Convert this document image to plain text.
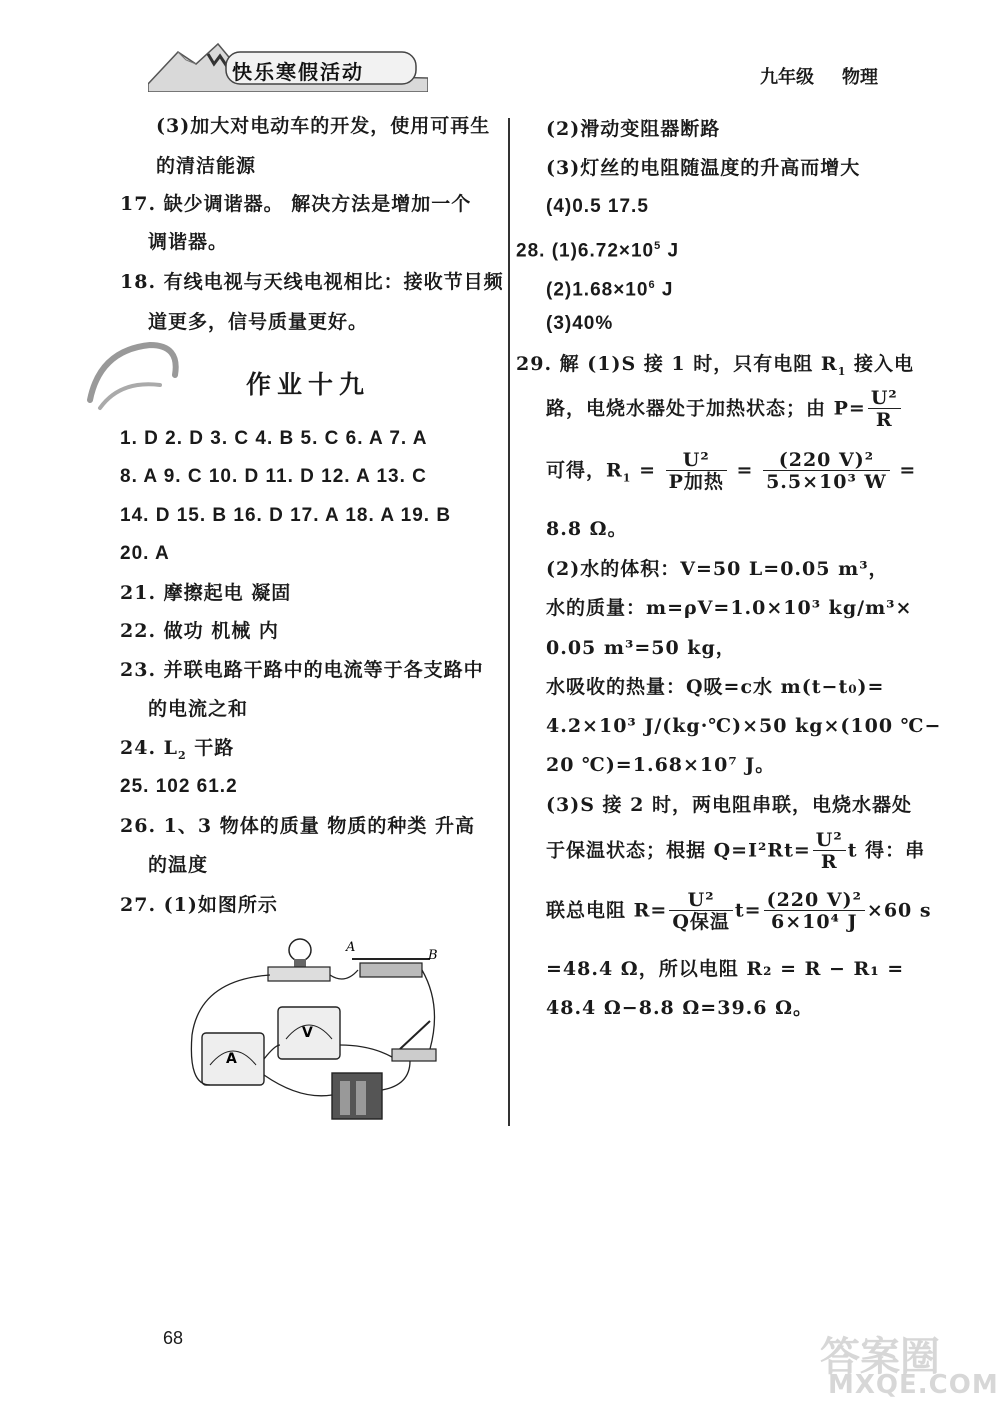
快乐寒假活动	九年级 物理
(3)加大对电动车的开发，使用可再生
的清洁能源
17. 缺少调谐器。 解决方法是增加一个
调谐器。
18. 有线电视与天线电视相比：接收节目频
道更多，信号质量更好。
作业十九
1. D 2. D 3. C 4. B 5. C 6. A 7. A
8. A 9. C 10. D 11. D 12. A 13. C
14. D 15. B 16. D 17. A 18. A 19. B
20. A
21. 摩擦起电 凝固
22. 做功 机械 内
23. 并联电路干路中的电流等于各支路中
的电流之和
24. $L_2$ 干路
25. 102 61.2
26. 1、3 物体的质量 物质的种类 升高
的温度
27. (1)如图所示
A
B
A
V
(2)滑动变阻器断路
(3)灯丝的电阻随温度的升高而增大
(4)0.5 17.5
28. $(1)6.72\times 10^5$ J
$(2)1.68\times 10^6$ J
(3)40%
29. 解 (1)S 接 1 时，只有电阻 $R_1$ 接入电
路，电烧水器处于加热状态；由 $P= \frac{\text{U²}}{R}$
可得，$R_1 = \frac{\text{U²}}{\text{P加热}} = \frac{\text{(220 V)²}}{\text{5.5×10³ W}}$ =
8.8 Ω。
(2)水的体积：V=50 L=0.05 m³，
水的质量：m=ρV=1.0×10³ kg/m³×
0.05 m³=50 kg，
水吸收的热量：Q吸=c水 m(t−t₀)=
4.2×10³ J/(kg·℃)×50 kg×(100 ℃−
20 ℃)=1.68×10⁷ J。
(3)S 接 2 时，两电阻串联，电烧水器处
于保温状态；根据 $Q=I^2Rt= \frac{\text{U²}}{R}$ t 得：串
联总电阻 $R= \frac{\text{U²}}{\text{Q保温}} t= \frac{\text{(220 V)²}}{\text{6×10⁴ J}} \times 60$ s
=48.4 Ω，所以电阻 R₂ = R − R₁ =
48.4 Ω−8.8 Ω=39.6 Ω。
68	答案圈
MXQE.COM
